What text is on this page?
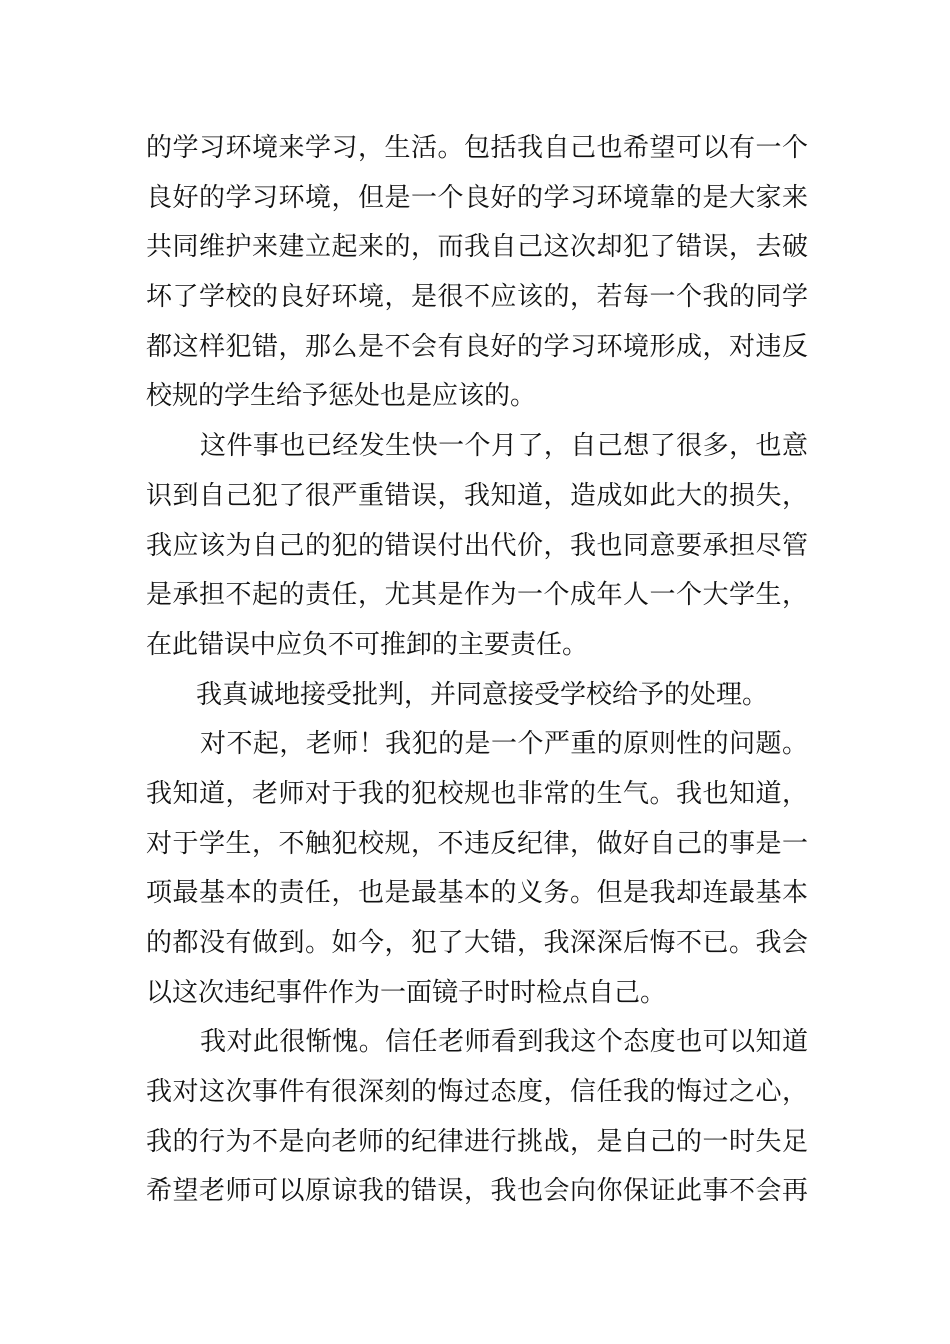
的学习环境来学习，生活。包括我自己也希望可以有一个
良好的学习环境，但是一个良好的学习环境靠的是大家来
共同维护来建立起来的，而我自己这次却犯了错误，去破
坏了学校的良好环境，是很不应该的，若每一个我的同学
都这样犯错，那么是不会有良好的学习环境形成，对违反
校规的学生给予惩处也是应该的。
这件事也已经发生快一个月了，自己想了很多，也意
识到自己犯了很严重错误，我知道，造成如此大的损失，
我应该为自己的犯的错误付出代价，我也同意要承担尽管
是承担不起的责任，尤其是作为一个成年人一个大学生，
在此错误中应负不可推卸的主要责任。
我真诚地接受批判，并同意接受学校给予的处理。
对不起，老师！我犯的是一个严重的原则性的问题。
我知道，老师对于我的犯校规也非常的生气。我也知道，
对于学生，不触犯校规，不违反纪律，做好自己的事是一
项最基本的责任，也是最基本的义务。但是我却连最基本
的都没有做到。如今，犯了大错，我深深后悔不已。我会
以这次违纪事件作为一面镜子时时检点自己。
我对此很惭愧。信任老师看到我这个态度也可以知道
我对这次事件有很深刻的悔过态度，信任我的悔过之心，
我的行为不是向老师的纪律进行挑战，是自己的一时失足
希望老师可以原谅我的错误，我也会向你保证此事不会再
